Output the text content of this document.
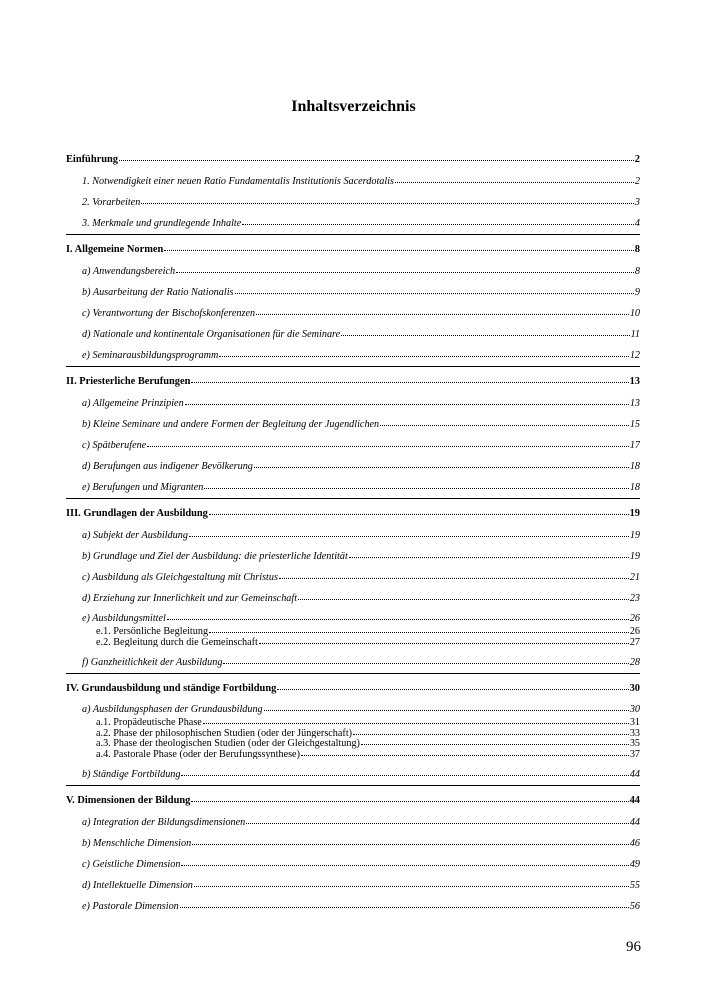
Inhaltsverzeichnis
Einführung	2
1. Notwendigkeit einer neuen Ratio Fundamentalis Institutionis Sacerdotalis	2
2. Vorarbeiten	3
3. Merkmale und grundlegende Inhalte	4
I. Allgemeine Normen	8
a) Anwendungsbereich	8
b) Ausarbeitung der Ratio Nationalis	9
c) Verantwortung der Bischofskonferenzen	10
d) Nationale und kontinentale Organisationen für die Seminare	11
e) Seminarausbildungsprogramm	12
II. Priesterliche Berufungen	13
a) Allgemeine Prinzipien	13
b) Kleine Seminare und andere Formen der Begleitung der Jugendlichen	15
c) Spätberufene	17
d) Berufungen aus indigener Bevölkerung	18
e) Berufungen und Migranten	18
III. Grundlagen der Ausbildung	19
a) Subjekt der Ausbildung	19
b) Grundlage und Ziel der Ausbildung: die priesterliche Identität	19
c) Ausbildung als Gleichgestaltung mit Christus	21
d) Erziehung zur Innerlichkeit und zur Gemeinschaft	23
e) Ausbildungsmittel	26
e.1. Persönliche Begleitung	26
e.2. Begleitung durch die Gemeinschaft	27
f) Ganzheitlichkeit der Ausbildung	28
IV. Grundausbildung und ständige Fortbildung	30
a) Ausbildungsphasen der Grundausbildung	30
a.1. Propädeutische Phase	31
a.2. Phase der philosophischen Studien (oder der Jüngerschaft)	33
a.3. Phase der theologischen Studien (oder der Gleichgestaltung)	35
a.4. Pastorale Phase (oder der Berufungssynthese)	37
b) Ständige Fortbildung	44
V. Dimensionen der Bildung	44
a) Integration der Bildungsdimensionen	44
b) Menschliche Dimension	46
c) Geistliche Dimension	49
d) Intellektuelle Dimension	55
e) Pastorale Dimension	56
96
